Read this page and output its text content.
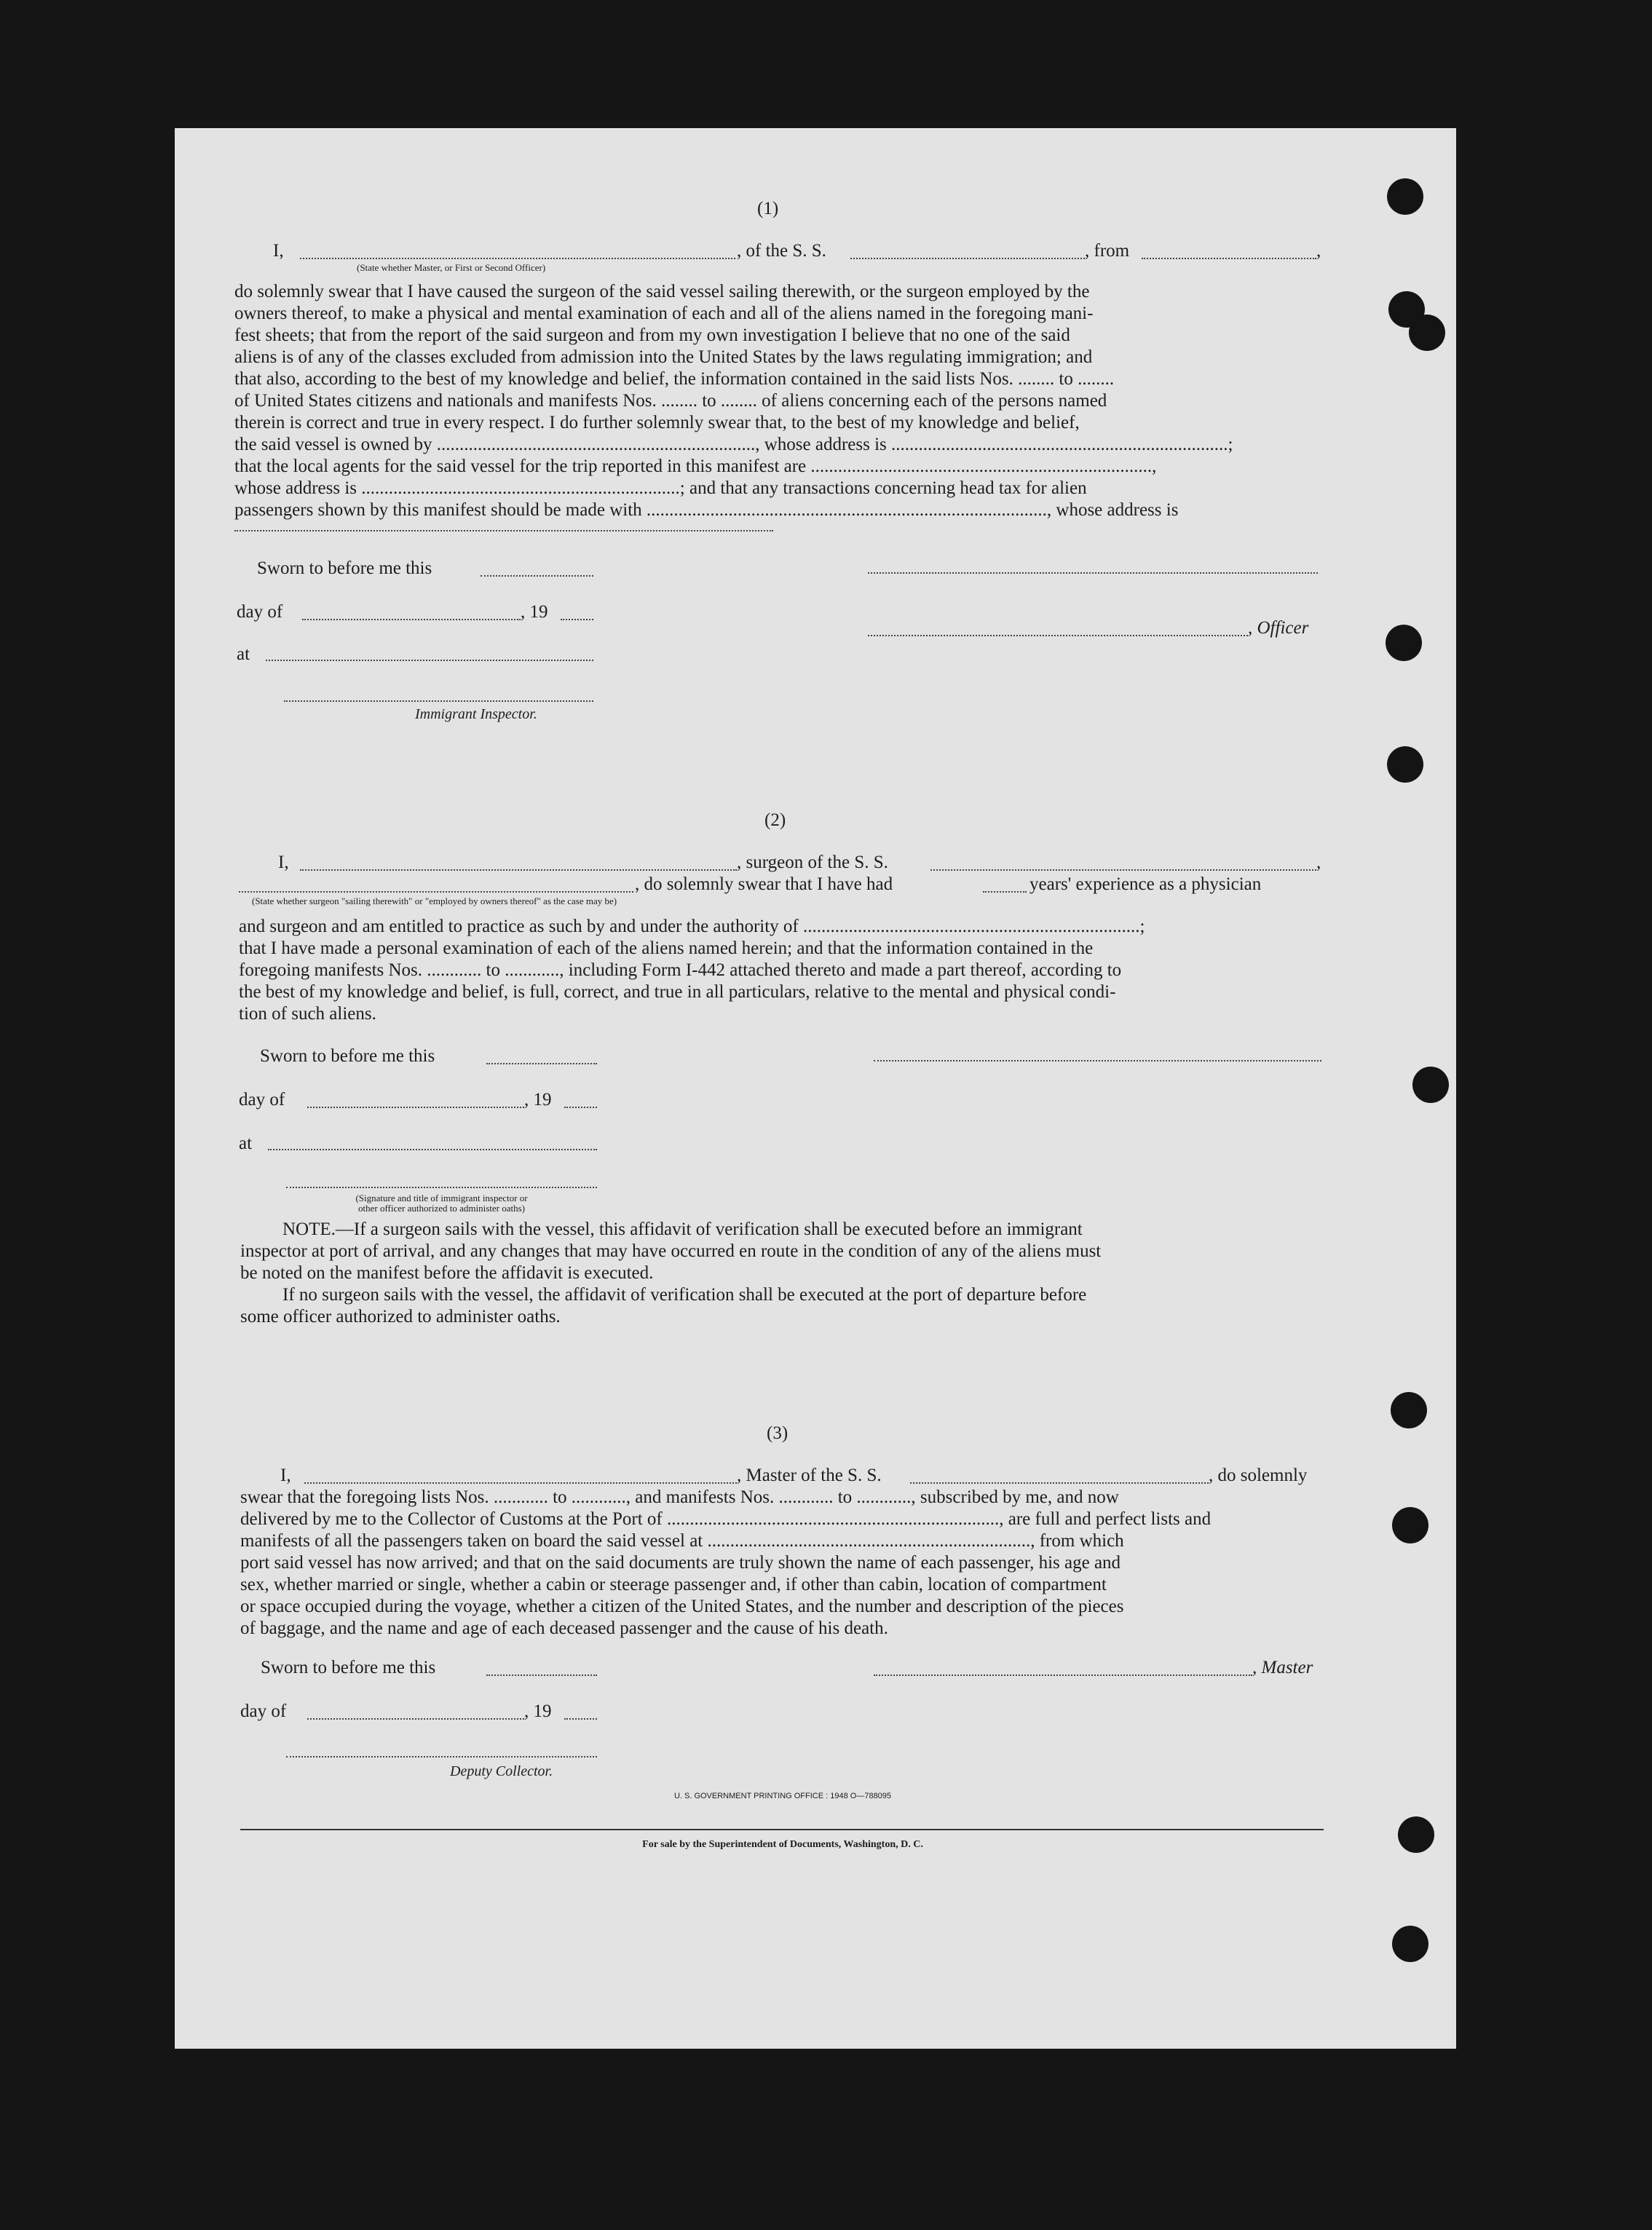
(1)
I,	, of the S. S.	, from	,
(State whether Master, or First or Second Officer)

do solemnly swear that I have caused the surgeon of the said vessel sailing therewith, or the surgeon employed by the

owners thereof, to make a physical and mental examination of each and all of the aliens named in the foregoing mani-

fest sheets; that from the report of the said surgeon and from my own investigation I believe that no one of the said

aliens is of any of the classes excluded from admission into the United States by the laws regulating immigration; and

that also, according to the best of my knowledge and belief, the information contained in the said lists Nos. ........ to ........

of United States citizens and nationals and manifests Nos. ........ to ........ of aliens concerning each of the persons named

therein is correct and true in every respect. I do further solemnly swear that, to the best of my knowledge and belief,

the said vessel is owned by ......................................................................, whose address is ..........................................................................;

that the local agents for the said vessel for the trip reported in this manifest are ...........................................................................,

whose address is ......................................................................; and that any transactions concerning head tax for alien

passengers shown by this manifest should be made with ........................................................................................, whose address is

Sworn to before me this
day of	, 19
, Officer
at
Immigrant Inspector.
(2)
I,	, surgeon of the S. S.	,
, do solemnly swear that I have had	years' experience as a physician
(State whether surgeon "sailing therewith" or "employed by owners thereof" as the case may be)

and surgeon and am entitled to practice as such by and under the authority of ..........................................................................;

that I have made a personal examination of each of the aliens named herein; and that the information contained in the

foregoing manifests Nos. ............ to ............, including Form I-442 attached thereto and made a part thereof, according to

the best of my knowledge and belief, is full, correct, and true in all particulars, relative to the mental and physical condi-

tion of such aliens.

Sworn to before me this
day of	, 19
at
(Signature and title of immigrant inspector or
other officer authorized to administer oaths)

NOTE.—If a surgeon sails with the vessel, this affidavit of verification shall be executed before an immigrant

inspector at port of arrival, and any changes that may have occurred en route in the condition of any of the aliens must

be noted on the manifest before the affidavit is executed.

If no surgeon sails with the vessel, the affidavit of verification shall be executed at the port of departure before

some officer authorized to administer oaths.

(3)
I,	, Master of the S. S.	, do solemnly

swear that the foregoing lists Nos. ............ to ............, and manifests Nos. ............ to ............, subscribed by me, and now

delivered by me to the Collector of Customs at the Port of ........................................................................., are full and perfect lists and

manifests of all the passengers taken on board the said vessel at ......................................................................., from which

port said vessel has now arrived; and that on the said documents are truly shown the name of each passenger, his age and

sex, whether married or single, whether a cabin or steerage passenger and, if other than cabin, location of compartment

or space occupied during the voyage, whether a citizen of the United States, and the number and description of the pieces

of baggage, and the name and age of each deceased passenger and the cause of his death.

Sworn to before me this	, Master
day of	, 19
Deputy Collector.
U. S. GOVERNMENT PRINTING OFFICE : 1948 O—788095
For sale by the Superintendent of Documents, Washington, D. C.
